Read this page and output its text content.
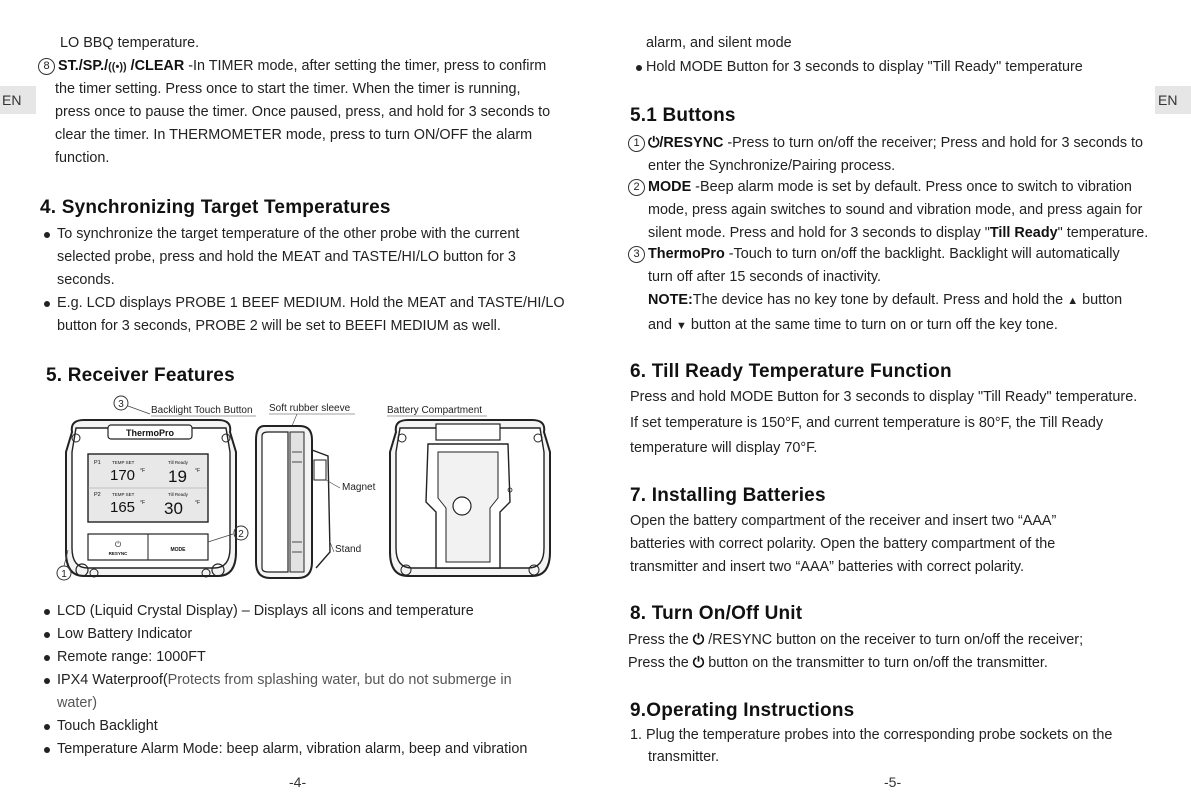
EN
LO BBQ temperature.
8 ST./SP./((•)) /CLEAR -In TIMER mode, after setting the timer, press to confirm
the timer setting. Press once to start the timer. When the timer is running,
press once to pause the timer. Once paused, press, and hold for 3 seconds to
clear the timer. In THERMOMETER mode, press to turn ON/OFF the alarm
function.
4. Synchronizing Target Temperatures
To synchronize the target temperature of the other probe with the current
selected probe, press and hold the MEAT and TASTE/HI/LO button for 3
seconds.
E.g. LCD displays PROBE 1 BEEF MEDIUM. Hold the MEAT and TASTE/HI/LO
button for 3 seconds, PROBE 2 will be set to BEEFI MEDIUM as well.
5. Receiver Features
3
Backlight Touch Button Soft rubber sleeve	Battery Compartment
ThermoPro
P1	TEMP SET	Till Ready
170 °F 19 °F
P2	TEMP SET	Till Ready
165 °F 30 °F
⏻
RESYNC
MODE
2
1
Magnet
Stand
LCD (Liquid Crystal Display) – Displays all icons and temperature
Low Battery Indicator
Remote range: 1000FT
IPX4 Waterproof(Protects from splashing water, but do not submerge in
water)
Touch Backlight
Temperature Alarm Mode: beep alarm, vibration alarm, beep and vibration
-4-
EN
alarm, and silent mode
Hold MODE Button for 3 seconds to display "Till Ready" temperature
5.1 Buttons
1 ⏻/RESYNC -Press to turn on/off the receiver; Press and hold for 3 seconds to
enter the Synchronize/Pairing process.
2 MODE -Beep alarm mode is set by default. Press once to switch to vibration
mode, press again switches to sound and vibration mode, and press again for
silent mode. Press and hold for 3 seconds to display "Till Ready" temperature.
3 ThermoPro -Touch to turn on/off the backlight. Backlight will automatically
turn off after 15 seconds of inactivity.
NOTE:The device has no key tone by default. Press and hold the ▲ button
and ▼ button at the same time to turn on or turn off the key tone.
6. Till Ready Temperature Function
Press and hold MODE Button for 3 seconds to display "Till Ready" temperature.
If set temperature is 150°F, and current temperature is 80°F, the Till Ready
temperature will display 70°F.
7. Installing Batteries
Open the battery compartment of the receiver and insert two “AAA”
batteries with correct polarity. Open the battery compartment of the
transmitter and insert two “AAA” batteries with correct polarity.
8. Turn On/Off Unit
Press the ⏻ /RESYNC button on the receiver to turn on/off the receiver;
Press the ⏻ button on the transmitter to turn on/off the transmitter.
9.Operating Instructions
1. Plug the temperature probes into the corresponding probe sockets on the
transmitter.
-5-
